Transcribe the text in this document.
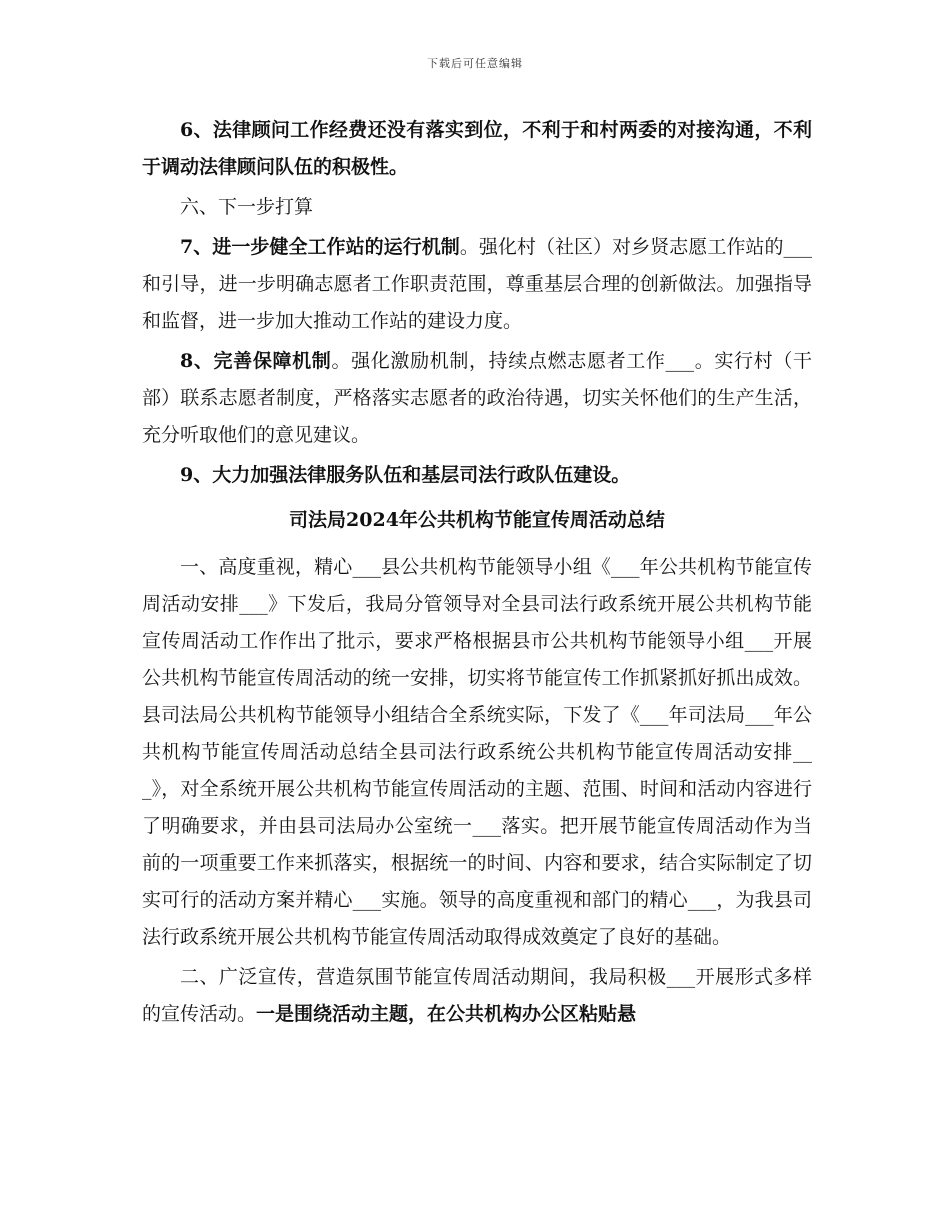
下载后可任意编辑

6、法律顾问工作经费还没有落实到位，不利于和村两委的对接沟通，不利于调动法律顾问队伍的积极性。

六、下一步打算

7、进一步健全工作站的运行机制。强化村（社区）对乡贤志愿工作站的___和引导，进一步明确志愿者工作职责范围，尊重基层合理的创新做法。加强指导和监督，进一步加大推动工作站的建设力度。

8、完善保障机制。强化激励机制，持续点燃志愿者工作___。实行村（干部）联系志愿者制度，严格落实志愿者的政治待遇，切实关怀他们的生产生活，充分听取他们的意见建议。

9、大力加强法律服务队伍和基层司法行政队伍建设。

司法局2024年公共机构节能宣传周活动总结

一、高度重视，精心___县公共机构节能领导小组《___年公共机构节能宣传周活动安排___》下发后，我局分管领导对全县司法行政系统开展公共机构节能宣传周活动工作作出了批示，要求严格根据县市公共机构节能领导小组___开展公共机构节能宣传周活动的统一安排，切实将节能宣传工作抓紧抓好抓出成效。县司法局公共机构节能领导小组结合全系统实际，下发了《___年司法局___年公共机构节能宣传周活动总结全县司法行政系统公共机构节能宣传周活动安排___》，对全系统开展公共机构节能宣传周活动的主题、范围、时间和活动内容进行了明确要求，并由县司法局办公室统一___落实。把开展节能宣传周活动作为当前的一项重要工作来抓落实，根据统一的时间、内容和要求，结合实际制定了切实可行的活动方案并精心___实施。领导的高度重视和部门的精心___，为我县司法行政系统开展公共机构节能宣传周活动取得成效奠定了良好的基础。

二、广泛宣传，营造氛围节能宣传周活动期间，我局积极___开展形式多样的宣传活动。一是围绕活动主题，在公共机构办公区粘贴悬
